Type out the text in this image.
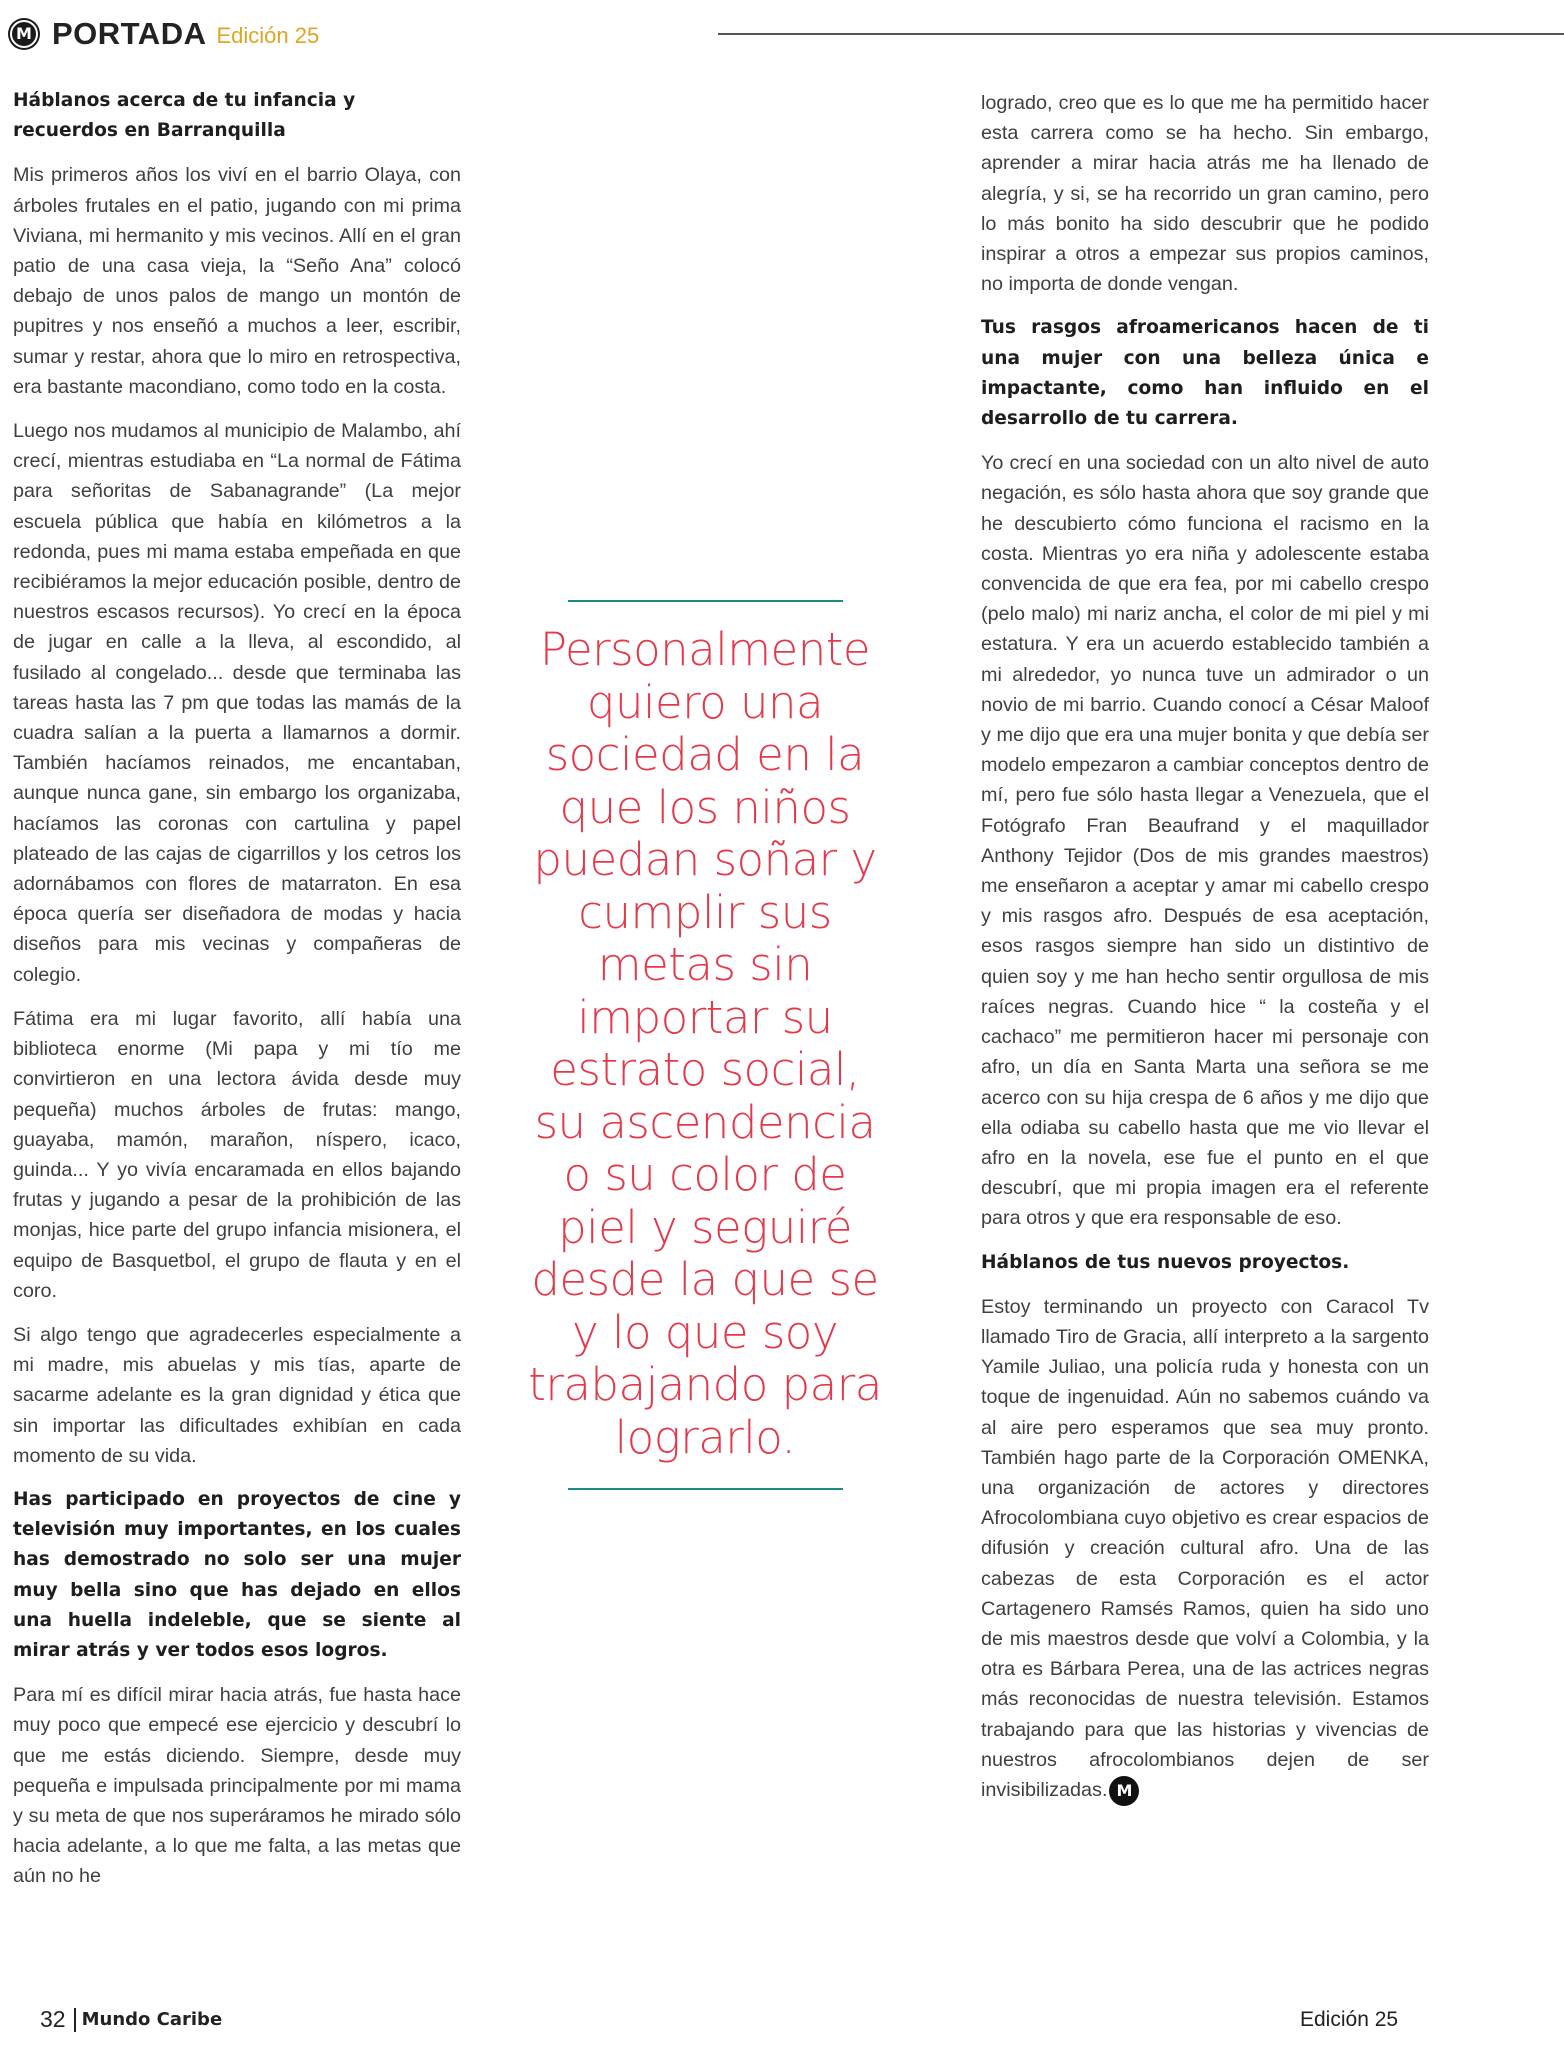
M PORTADA Edición 25

Háblanos acerca de tu infancia y recuerdos en Barranquilla

Mis primeros años los viví en el barrio Olaya, con árboles frutales en el patio, jugando con mi prima Viviana, mi hermanito y mis vecinos. Allí en el gran patio de una casa vieja, la “Seño Ana” colocó debajo de unos palos de mango un montón de pupitres y nos enseñó a muchos a leer, escribir, sumar y restar, ahora que lo miro en retrospectiva, era bastante macondiano, como todo en la costa.

Luego nos mudamos al municipio de Malambo, ahí crecí, mientras estudiaba en “La normal de Fátima para señoritas de Sabanagrande” (La mejor escuela pública que había en kilómetros a la redonda, pues mi mama estaba empeñada en que recibiéramos la mejor educación posible, dentro de nuestros escasos recursos). Yo crecí en la época de jugar en calle a la lleva, al escondido, al fusilado al congelado... desde que terminaba las tareas hasta las 7 pm que todas las mamás de la cuadra salían a la puerta a llamarnos a dormir. También hacíamos reinados, me encantaban, aunque nunca gane, sin embargo los organizaba, hacíamos las coronas con cartulina y papel plateado de las cajas de cigarrillos y los cetros los adornábamos con flores de matarraton. En esa época quería ser diseñadora de modas y hacia diseños para mis vecinas y compañeras de colegio.

Fátima era mi lugar favorito, allí había una biblioteca enorme (Mi papa y mi tío me convirtieron en una lectora ávida desde muy pequeña) muchos árboles de frutas: mango, guayaba, mamón, marañon, níspero, icaco, guinda... Y yo vivía encaramada en ellos bajando frutas y jugando a pesar de la prohibición de las monjas, hice parte del grupo infancia misionera, el equipo de Basquetbol, el grupo de flauta y en el coro.

Si algo tengo que agradecerles especialmente a mi madre, mis abuelas y mis tías, aparte de sacarme adelante es la gran dignidad y ética que sin importar las dificultades exhibían en cada momento de su vida.

Has participado en proyectos de cine y televisión muy importantes, en los cuales has demostrado no solo ser una mujer muy bella sino que has dejado en ellos una huella indeleble, que se siente al mirar atrás y ver todos esos logros.

Para mí es difícil mirar hacia atrás, fue hasta hace muy poco que empecé ese ejercicio y descubrí lo que me estás diciendo. Siempre, desde muy pequeña e impulsada principalmente por mi mama y su meta de que nos superáramos he mirado sólo hacia adelante, a lo que me falta, a las metas que aún no he

Personalmente quiero una sociedad en la que los niños puedan soñar y cumplir sus metas sin importar su estrato social, su ascendencia o su color de piel y seguiré desde la que se y lo que soy trabajando para lograrlo.

logrado, creo que es lo que me ha permitido hacer esta carrera como se ha hecho. Sin embargo, aprender a mirar hacia atrás me ha llenado de alegría, y si, se ha recorrido un gran camino, pero lo más bonito ha sido descubrir que he podido inspirar a otros a empezar sus propios caminos, no importa de donde vengan.

Tus rasgos afroamericanos hacen de ti una mujer con una belleza única e impactante, como han influido en el desarrollo de tu carrera.

Yo crecí en una sociedad con un alto nivel de auto negación, es sólo hasta ahora que soy grande que he descubierto cómo funciona el racismo en la costa. Mientras yo era niña y adolescente estaba convencida de que era fea, por mi cabello crespo (pelo malo) mi nariz ancha, el color de mi piel y mi estatura. Y era un acuerdo establecido también a mi alrededor, yo nunca tuve un admirador o un novio de mi barrio. Cuando conocí a César Maloof y me dijo que era una mujer bonita y que debía ser modelo empezaron a cambiar conceptos dentro de mí, pero fue sólo hasta llegar a Venezuela, que el Fotógrafo Fran Beaufrand y el maquillador Anthony Tejidor (Dos de mis grandes maestros) me enseñaron a aceptar y amar mi cabello crespo y mis rasgos afro. Después de esa aceptación, esos rasgos siempre han sido un distintivo de quien soy y me han hecho sentir orgullosa de mis raíces negras. Cuando hice “ la costeña y el cachaco” me permitieron hacer mi personaje con afro, un día en Santa Marta una señora se me acerco con su hija crespa de 6 años y me dijo que ella odiaba su cabello hasta que me vio llevar el afro en la novela, ese fue el punto en el que descubrí, que mi propia imagen era el referente para otros y que era responsable de eso.

Háblanos de tus nuevos proyectos.

Estoy terminando un proyecto con Caracol Tv llamado Tiro de Gracia, allí interpreto a la sargento Yamile Juliao, una policía ruda y honesta con un toque de ingenuidad. Aún no sabemos cuándo va al aire pero esperamos que sea muy pronto. También hago parte de la Corporación OMENKA, una organización de actores y directores Afrocolombiana cuyo objetivo es crear espacios de difusión y creación cultural afro. Una de las cabezas de esta Corporación es el actor Cartagenero Ramsés Ramos, quien ha sido uno de mis maestros desde que volví a Colombia, y la otra es Bárbara Perea, una de las actrices negras más reconocidas de nuestra televisión. Estamos trabajando para que las historias y vivencias de nuestros afrocolombianos dejen de ser invisibilizadas. M

32 Mundo Caribe	Edición 25
